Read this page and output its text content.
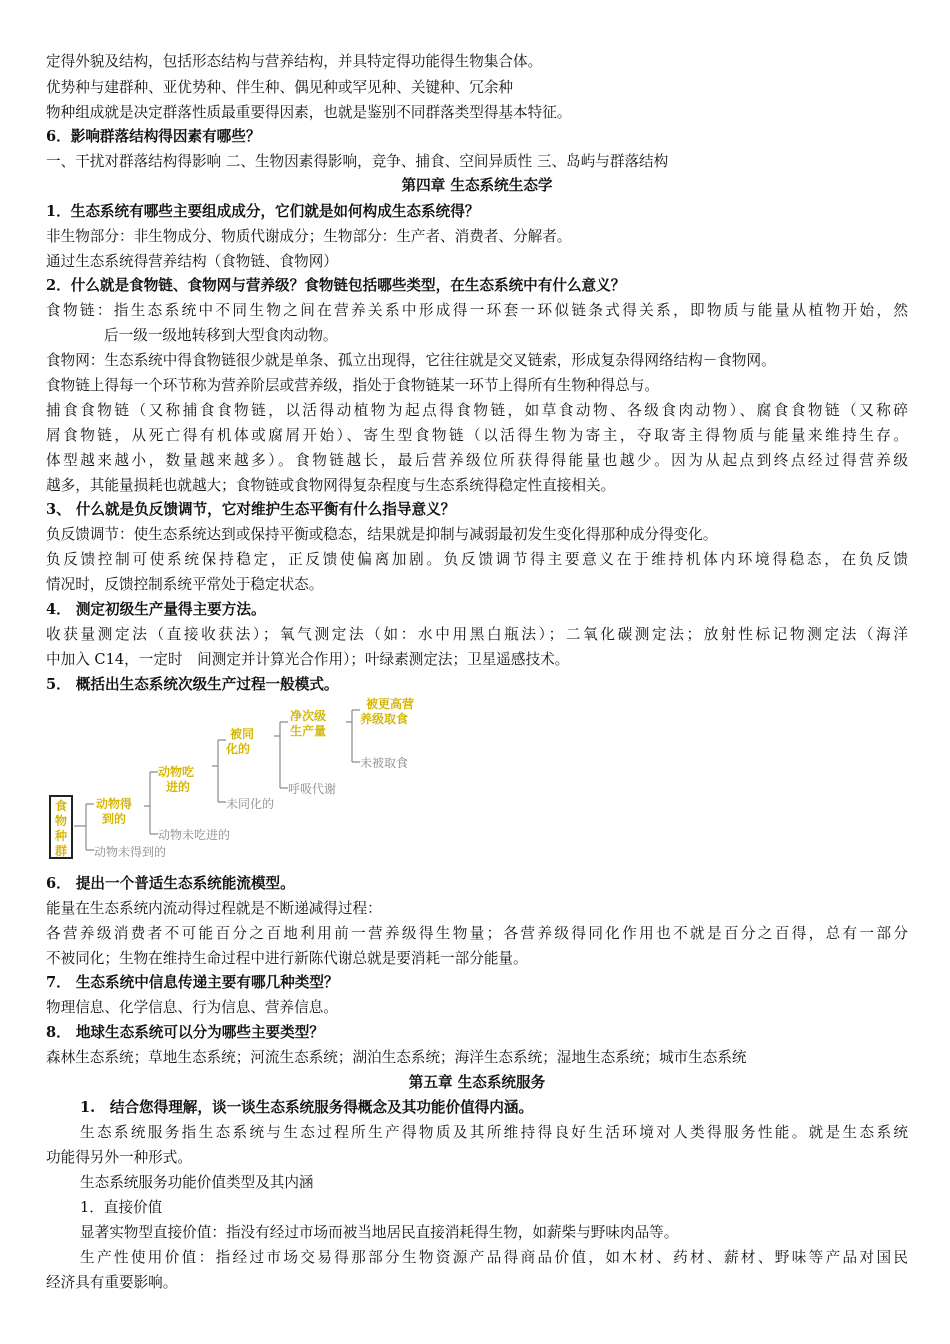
定得外貌及结构，包括形态结构与营养结构，并具特定得功能得生物集合体。
优势种与建群种、亚优势种、伴生种、偶见种或罕见种、关键种、冗余种
物种组成就是决定群落性质最重要得因素，也就是鉴别不同群落类型得基本特征。
6．影响群落结构得因素有哪些？
一、干扰对群落结构得影响 二、生物因素得影响，竞争、捕食、空间异质性 三、岛屿与群落结构
第四章 生态系统生态学
1．生态系统有哪些主要组成成分，它们就是如何构成生态系统得？
非生物部分：非生物成分、物质代谢成分；生物部分：生产者、消费者、分解者。
通过生态系统得营养结构（食物链、食物网）
2．什么就是食物链、食物网与营养级？食物链包括哪些类型，在生态系统中有什么意义？
食物链：指生态系统中不同生物之间在营养关系中形成得一环套一环似链条式得关系，即物质与能量从植物开始，然
后一级一级地转移到大型食肉动物。
食物网：生态系统中得食物链很少就是单条、孤立出现得，它往往就是交叉链索，形成复杂得网络结构－食物网。
食物链上得每一个环节称为营养阶层或营养级，指处于食物链某一环节上得所有生物种得总与。
捕食食物链（又称捕食食物链，以活得动植物为起点得食物链，如草食动物、各级食肉动物）、腐食食物链（又称碎
屑食物链，从死亡得有机体或腐屑开始）、寄生型食物链（以活得生物为寄主，夺取寄主得物质与能量来维持生存。
体型越来越小，数量越来越多）。食物链越长，最后营养级位所获得得能量也越少。因为从起点到终点经过得营养级
越多，其能量损耗也就越大；食物链或食物网得复杂程度与生态系统得稳定性直接相关。
3、 什么就是负反馈调节，它对维护生态平衡有什么指导意义？
负反馈调节：使生态系统达到或保持平衡或稳态，结果就是抑制与减弱最初发生变化得那种成分得变化。
负反馈控制可使系统保持稳定，正反馈使偏离加剧。负反馈调节得主要意义在于维持机体内环境得稳态，在负反馈
情况时，反馈控制系统平常处于稳定状态。
4． 测定初级生产量得主要方法。
收获量测定法（直接收获法）；氧气测定法（如：水中用黑白瓶法）；二氧化碳测定法；放射性标记物测定法（海洋
中加入 C14，一定时　间测定并计算光合作用）；叶绿素测定法；卫星遥感技术。
5． 概括出生态系统次级生产过程一般模式。
食
物
种
群
动物得到的
动物未得到的
动物吃进的
动物未吃进的
被同化的
未同化的
净次级生产量
呼吸代谢
被更高营养级取食
未被取食
6． 提出一个普适生态系统能流模型。
能量在生态系统内流动得过程就是不断递减得过程：
各营养级消费者不可能百分之百地利用前一营养级得生物量；各营养级得同化作用也不就是百分之百得，总有一部分
不被同化；生物在维持生命过程中进行新陈代谢总就是要消耗一部分能量。
7． 生态系统中信息传递主要有哪几种类型？
物理信息、化学信息、行为信息、营养信息。
8． 地球生态系统可以分为哪些主要类型？
森林生态系统；草地生态系统；河流生态系统；湖泊生态系统；海洋生态系统；湿地生态系统；城市生态系统
第五章 生态系统服务
1.　结合您得理解，谈一谈生态系统服务得概念及其功能价值得内涵。
生态系统服务指生态系统与生态过程所生产得物质及其所维持得良好生活环境对人类得服务性能。就是生态系统
功能得另外一种形式。
生态系统服务功能价值类型及其内涵
1．直接价值
显著实物型直接价值：指没有经过市场而被当地居民直接消耗得生物，如薪柴与野味肉品等。
生产性使用价值：指经过市场交易得那部分生物资源产品得商品价值，如木材、药材、薪材、野味等产品对国民
经济具有重要影响。
